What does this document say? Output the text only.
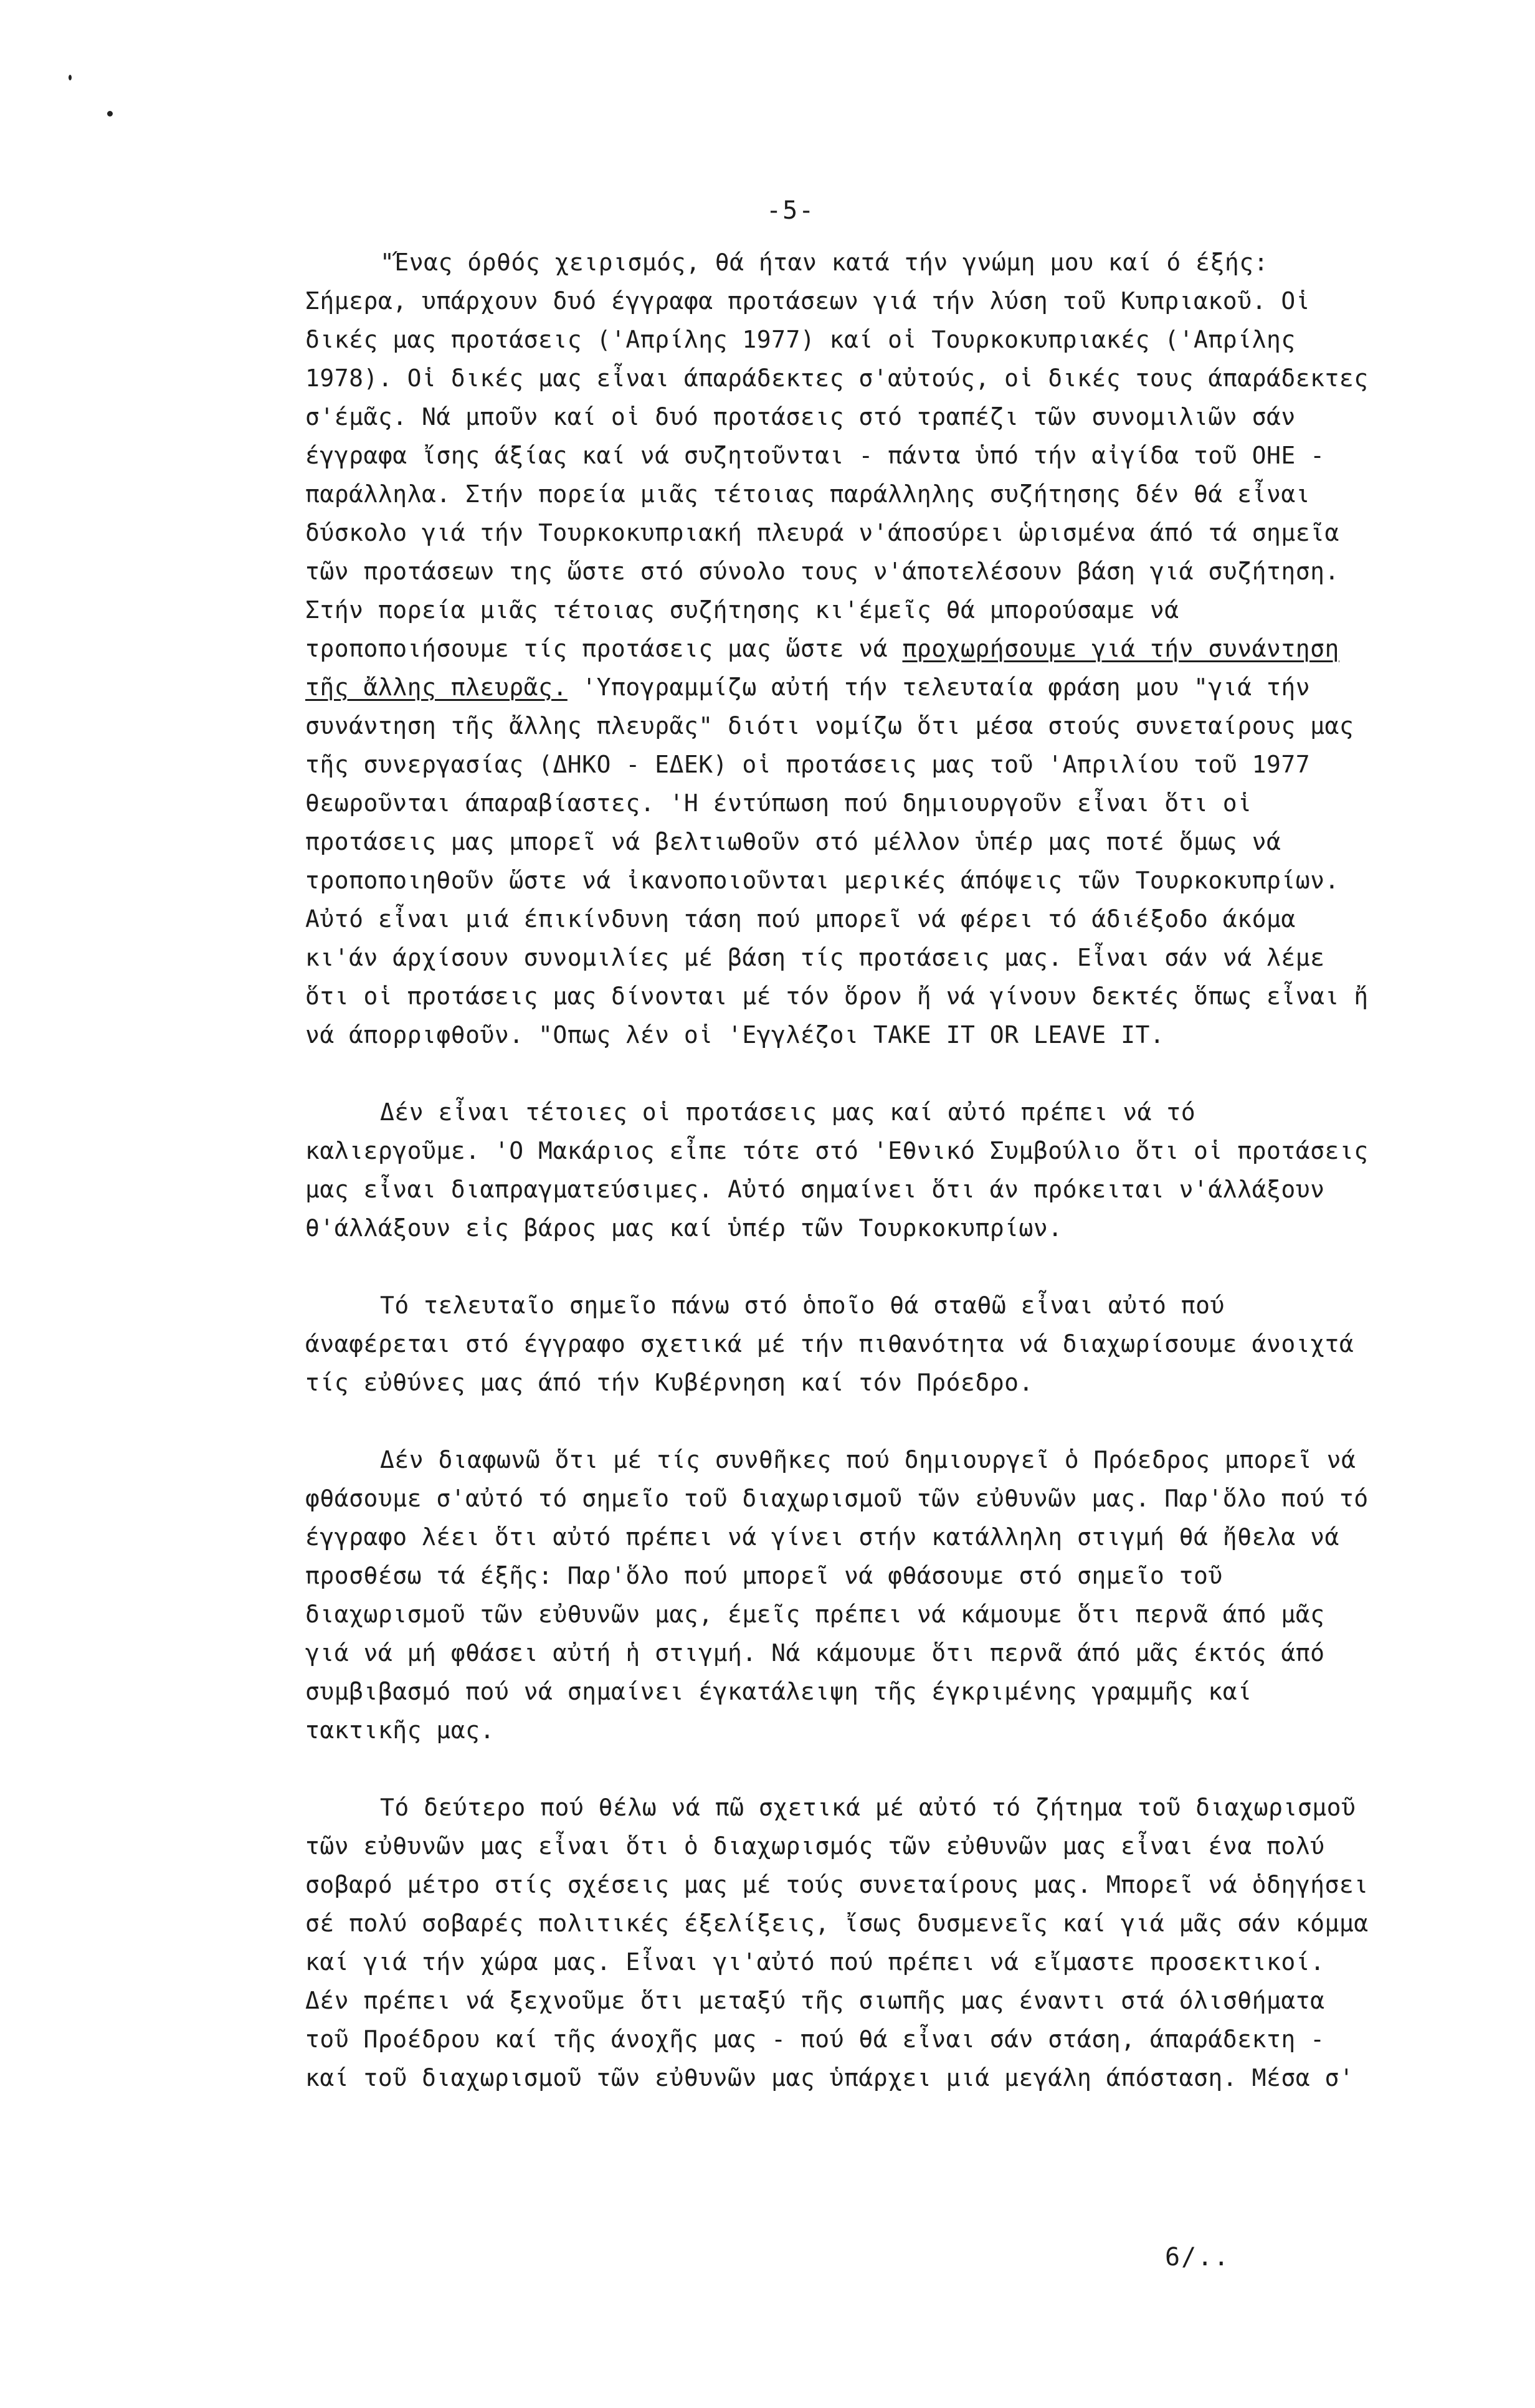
-5-

"Ένας όρθός χειρισμός, θά ήταν κατά τήν γνώμη μου καί ό έξής: Σήμερα, υπάρχουν δυό έγγραφα προτάσεων γιά τήν λύση τοῦ Κυπριακοῦ. Οἱ δικές μας προτάσεις ('Απρίλης 1977) καί οἱ Τουρκοκυπριακές ('Απρίλης 1978). Οἱ δικές μας εἶναι άπαράδεκτες σ'αὐτούς, οἱ δικές τους άπαράδεκτες σ'έμᾶς. Νά μποῦν καί οἱ δυό προτάσεις στό τραπέζι τῶν συνομιλιῶν σάν έγγραφα ἴσης άξίας καί νά συζητοῦνται - πάντα ὑπό τήν αἰγίδα τοῦ ΟΗΕ - παράλληλα. Στήν πορεία μιᾶς τέτοιας παράλληλης συζήτησης δέν θά εἶναι δύσκολο γιά τήν Τουρκοκυπριακή πλευρά ν'άποσύρει ὡρισμένα άπό τά σημεῖα τῶν προτάσεων της ὥστε στό σύνολο τους ν'άποτελέσουν βάση γιά συζήτηση. Στήν πορεία μιᾶς τέτοιας συζήτησης κι'έμεῖς θά μπορούσαμε νά τροποποιήσουμε τίς προτάσεις μας ὥστε νά προχωρήσουμε γιά τήν συνάντηση τῆς ἄλλης πλευρᾶς. 'Υπογραμμίζω αὐτή τήν τελευταία φράση μου "γιά τήν συνάντηση τῆς ἄλλης πλευρᾶς" διότι νομίζω ὅτι μέσα στούς συνεταίρους μας τῆς συνεργασίας (ΔΗΚΟ - ΕΔΕΚ) οἱ προτάσεις μας τοῦ 'Απριλίου τοῦ 1977 θεωροῦνται άπαραβίαστες. 'Η έντύπωση πού δημιουργοῦν εἶναι ὅτι οἱ προτάσεις μας μπορεῖ νά βελτιωθοῦν στό μέλλον ὑπέρ μας ποτέ ὅμως νά τροποποιηθοῦν ὥστε νά ἰκανοποιοῦνται μερικές άπόψεις τῶν Τουρκοκυπρίων. Αὐτό εἶναι μιά έπικίνδυνη τάση πού μπορεῖ νά φέρει τό άδιέξοδο άκόμα κι'άν άρχίσουν συνομιλίες μέ βάση τίς προτάσεις μας. Εἶναι σάν νά λέμε ὅτι οἱ προτάσεις μας δίνονται μέ τόν ὅρον ἤ νά γίνουν δεκτές ὅπως εἶναι ἤ νά άπορριφθοῦν. "Οπως λέν οἱ 'Εγγλέζοι TAKE IT OR LEAVE IT.

Δέν εἶναι τέτοιες οἱ προτάσεις μας καί αὐτό πρέπει νά τό καλιεργοῦμε. 'Ο Μακάριος εἶπε τότε στό 'Εθνικό Συμβούλιο ὅτι οἱ προτάσεις μας εἶναι διαπραγματεύσιμες. Αὐτό σημαίνει ὅτι άν πρόκειται ν'άλλάξουν θ'άλλάξουν εἰς βάρος μας καί ὑπέρ τῶν Τουρκοκυπρίων.

Τό τελευταῖο σημεῖο πάνω στό ὁποῖο θά σταθῶ εἶναι αὐτό πού άναφέρεται στό έγγραφο σχετικά μέ τήν πιθανότητα νά διαχωρίσουμε άνοιχτά τίς εὐθύνες μας άπό τήν Κυβέρνηση καί τόν Πρόεδρο.

Δέν διαφωνῶ ὅτι μέ τίς συνθῆκες πού δημιουργεῖ ὁ Πρόεδρος μπορεῖ νά φθάσουμε σ'αὐτό τό σημεῖο τοῦ διαχωρισμοῦ τῶν εὐθυνῶν μας. Παρ'ὅλο πού τό έγγραφο λέει ὅτι αὐτό πρέπει νά γίνει στήν κατάλληλη στιγμή θά ἤθελα νά προσθέσω τά έξῆς: Παρ'ὅλο πού μπορεῖ νά φθάσουμε στό σημεῖο τοῦ διαχωρισμοῦ τῶν εὐθυνῶν μας, έμεῖς πρέπει νά κάμουμε ὅτι περνᾶ άπό μᾶς γιά νά μή φθάσει αὐτή ἡ στιγμή. Νά κάμουμε ὅτι περνᾶ άπό μᾶς έκτός άπό συμβιβασμό πού νά σημαίνει έγκατάλειψη τῆς έγκριμένης γραμμῆς καί τακτικῆς μας.

Τό δεύτερο πού θέλω νά πῶ σχετικά μέ αὐτό τό ζήτημα τοῦ διαχωρισμοῦ τῶν εὐθυνῶν μας εἶναι ὅτι ὁ διαχωρισμός τῶν εὐθυνῶν μας εἶναι ένα πολύ σοβαρό μέτρο στίς σχέσεις μας μέ τούς συνεταίρους μας. Μπορεῖ νά ὁδηγήσει σέ πολύ σοβαρές πολιτικές έξελίξεις, ἴσως δυσμενεῖς καί γιά μᾶς σάν κόμμα καί γιά τήν χώρα μας. Εἶναι γι'αὐτό πού πρέπει νά εἴμαστε προσεκτικοί. Δέν πρέπει νά ξεχνοῦμε ὅτι μεταξύ τῆς σιωπῆς μας έναντι στά όλισθήματα τοῦ Προέδρου καί τῆς άνοχῆς μας - πού θά εἶναι σάν στάση, άπαράδεκτη - καί τοῦ διαχωρισμοῦ τῶν εὐθυνῶν μας ὑπάρχει μιά μεγάλη άπόσταση. Μέσα σ'

6/..
